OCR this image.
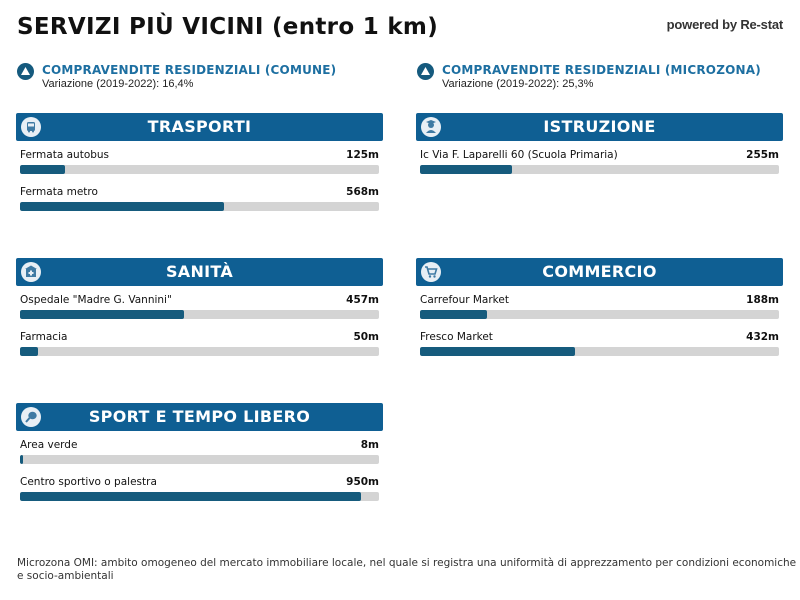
SERVIZI PIÙ VICINI (entro 1 km)	powered by Re-stat
COMPRAVENDITE RESIDENZIALI (COMUNE)
Variazione (2019-2022): 16,4%
COMPRAVENDITE RESIDENZIALI (MICROZONA)
Variazione (2019-2022): 25,3%
TRASPORTI
Fermata autobus	125m
Fermata metro	568m
ISTRUZIONE
Ic Via F. Laparelli 60 (Scuola Primaria)	255m
SANITÀ
Ospedale "Madre G. Vannini"	457m
Farmacia	50m
COMMERCIO
Carrefour Market	188m
Fresco Market	432m
SPORT E TEMPO LIBERO
Area verde	8m
Centro sportivo o palestra	950m
Microzona OMI: ambito omogeneo del mercato immobiliare locale, nel quale si registra una uniformità di apprezzamento per condizioni economiche e socio-ambientali
